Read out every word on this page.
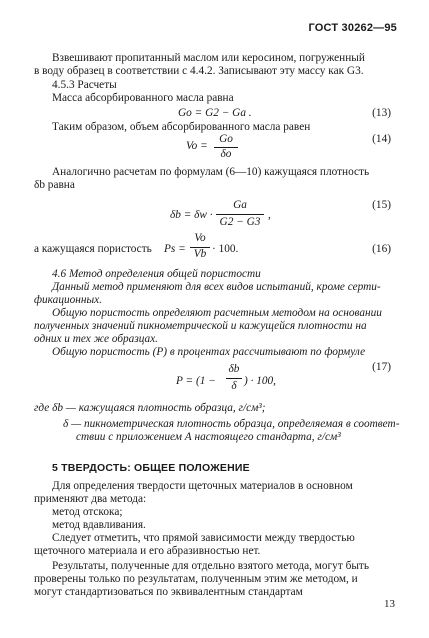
ГОСТ 30262—95
Взвешивают пропитанный маслом или керосином, погруженный
в воду образец в соответствии с 4.4.2. Записывают эту массу как G3.
4.5.3 Расчеты
Масса абсорбированного масла равна
Go = G2 − Ga .	(13)
Таким образом, объем абсорбированного масла равен
Vo =
Go
δo
(14)
Аналогично расчетам по формулам (6—10) кажущаяся плотность
δb равна
δb = δw ·
Ga
G2 − G3
,
(15)
а кажущаяся пористость Ps =
Vo
Vb · 100.	(16)
4.6 Метод определения общей пористости
Данный метод применяют для всех видов испытаний, кроме серти-
фикационных.
Общую пористость определяют расчетным методом на основании
полученных значений пикнометрической и кажущейся плотности на
одних и тех же образцах.
Общую пористость (P) в процентах рассчитывают по формуле
P = (1 −
δb
δ ) · 100,
(17)
где δb — кажущаяся плотность образца, г/см³;
δ — пикнометрическая плотность образца, определяемая в соответ-
ствии с приложением А настоящего стандарта, г/см³
5 ТВЕРДОСТЬ: ОБЩЕЕ ПОЛОЖЕНИЕ
Для определения твердости щеточных материалов в основном
применяют два метода:
метод отскока;
метод вдавливания.
Следует отметить, что прямой зависимости между твердостью
щеточного материала и его абразивностью нет.
Результаты, полученные для отдельно взятого метода, могут быть
проверены только по результатам, полученным этим же методом, и
могут стандартизоваться по эквивалентным стандартам
13
